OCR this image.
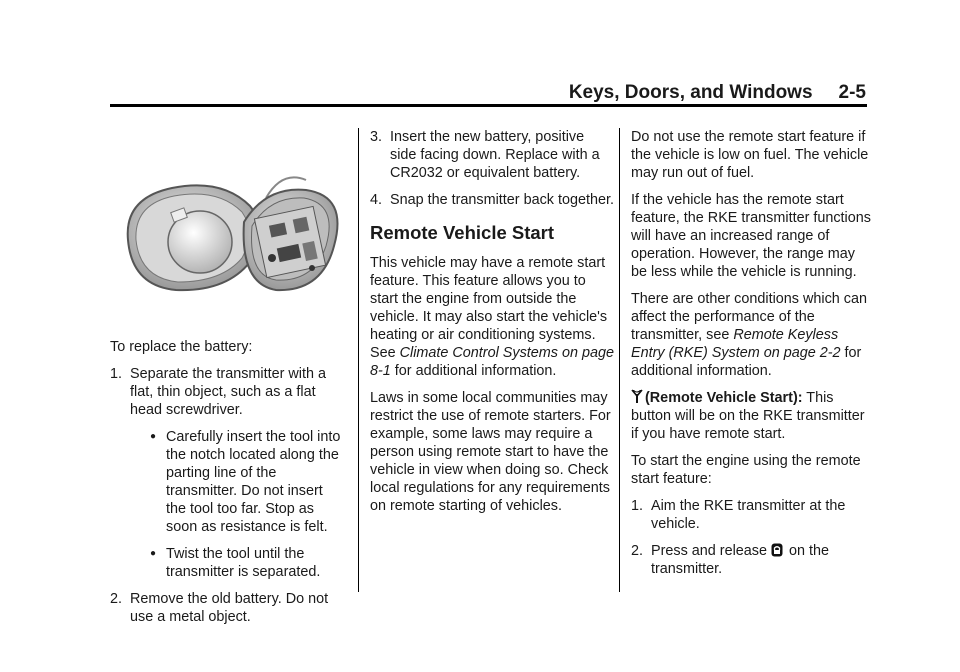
Keys, Doors, and Windows 2-5

To replace the battery:

1. Separate the transmitter with a flat, thin object, such as a flat head screwdriver.
● Carefully insert the tool into the notch located along the parting line of the transmitter. Do not insert the tool too far. Stop as soon as resistance is felt.
● Twist the tool until the transmitter is separated.
2. Remove the old battery. Do not use a metal object.
3. Insert the new battery, positive side facing down. Replace with a CR2032 or equivalent battery.
4. Snap the transmitter back together.
Remote Vehicle Start

This vehicle may have a remote start feature. This feature allows you to start the engine from outside the vehicle. It may also start the vehicle's heating or air conditioning systems. See Climate Control Systems on page 8-1 for additional information.

Laws in some local communities may restrict the use of remote starters. For example, some laws may require a person using remote start to have the vehicle in view when doing so. Check local regulations for any requirements on remote starting of vehicles.

Do not use the remote start feature if the vehicle is low on fuel. The vehicle may run out of fuel.

If the vehicle has the remote start feature, the RKE transmitter functions will have an increased range of operation. However, the range may be less while the vehicle is running.

There are other conditions which can affect the performance of the transmitter, see Remote Keyless Entry (RKE) System on page 2-2 for additional information.

(Remote Vehicle Start): This button will be on the RKE transmitter if you have remote start.

To start the engine using the remote start feature:

1. Aim the RKE transmitter at the vehicle.
2. Press and release  on the transmitter.
